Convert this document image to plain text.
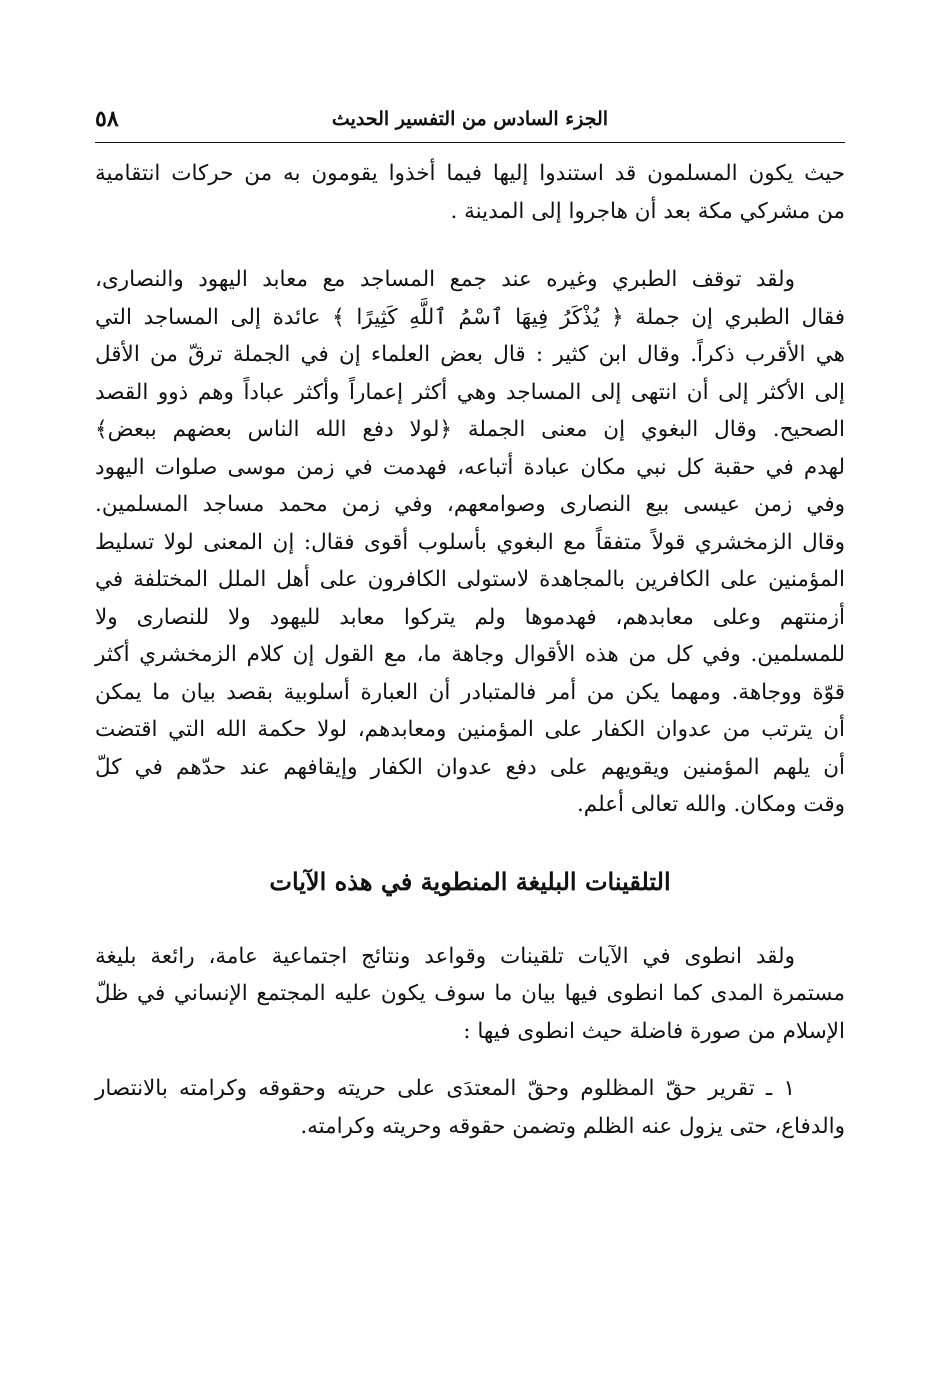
الجزء السادس من التفسير الحديث
٥٨

حيث يكون المسلمون قد استندوا إليها فيما أخذوا يقومون به من حركات انتقامية
من مشركي مكة بعد أن هاجروا إلى المدينة .

ولقد توقف الطبري وغيره عند جمع المساجد مع معابد اليهود والنصارى،
فقال الطبري إن جملة ﴿ يُذْكَرُ فِيهَا ٱسْمُ ٱللَّهِ كَثِيرًا ﴾ عائدة إلى المساجد التي
هي الأقرب ذكراً. وقال ابن كثير : قال بعض العلماء إن في الجملة ترقّ من الأقل
إلى الأكثر إلى أن انتهى إلى المساجد وهي أكثر إعماراً وأكثر عباداً وهم ذوو القصد
الصحيح. وقال البغوي إن معنى الجملة ﴿لولا دفع الله الناس بعضهم ببعض﴾
لهدم في حقبة كل نبي مكان عبادة أتباعه، فهدمت في زمن موسى صلوات اليهود
وفي زمن عيسى بيع النصارى وصوامعهم، وفي زمن محمد مساجد المسلمين.
وقال الزمخشري قولاً متفقاً مع البغوي بأسلوب أقوى فقال: إن المعنى لولا تسليط
المؤمنين على الكافرين بالمجاهدة لاستولى الكافرون على أهل الملل المختلفة في
أزمنتهم وعلى معابدهم، فهدموها ولم يتركوا معابد لليهود ولا للنصارى ولا
للمسلمين. وفي كل من هذه الأقوال وجاهة ما، مع القول إن كلام الزمخشري أكثر
قوّة ووجاهة. ومهما يكن من أمر فالمتبادر أن العبارة أسلوبية بقصد بيان ما يمكن
أن يترتب من عدوان الكفار على المؤمنين ومعابدهم، لولا حكمة الله التي اقتضت
أن يلهم المؤمنين ويقويهم على دفع عدوان الكفار وإيقافهم عند حدّهم في كلّ
وقت ومكان. والله تعالى أعلم.

التلقينات البليغة المنطوية في هذه الآيات

ولقد انطوى في الآيات تلقينات وقواعد ونتائج اجتماعية عامة، رائعة بليغة
مستمرة المدى كما انطوى فيها بيان ما سوف يكون عليه المجتمع الإنساني في ظلّ
الإسلام من صورة فاضلة حيث انطوى فيها :

١ ـ تقرير حقّ المظلوم وحقّ المعتدَى على حريته وحقوقه وكرامته بالانتصار
والدفاع، حتى يزول عنه الظلم وتضمن حقوقه وحريته وكرامته.
